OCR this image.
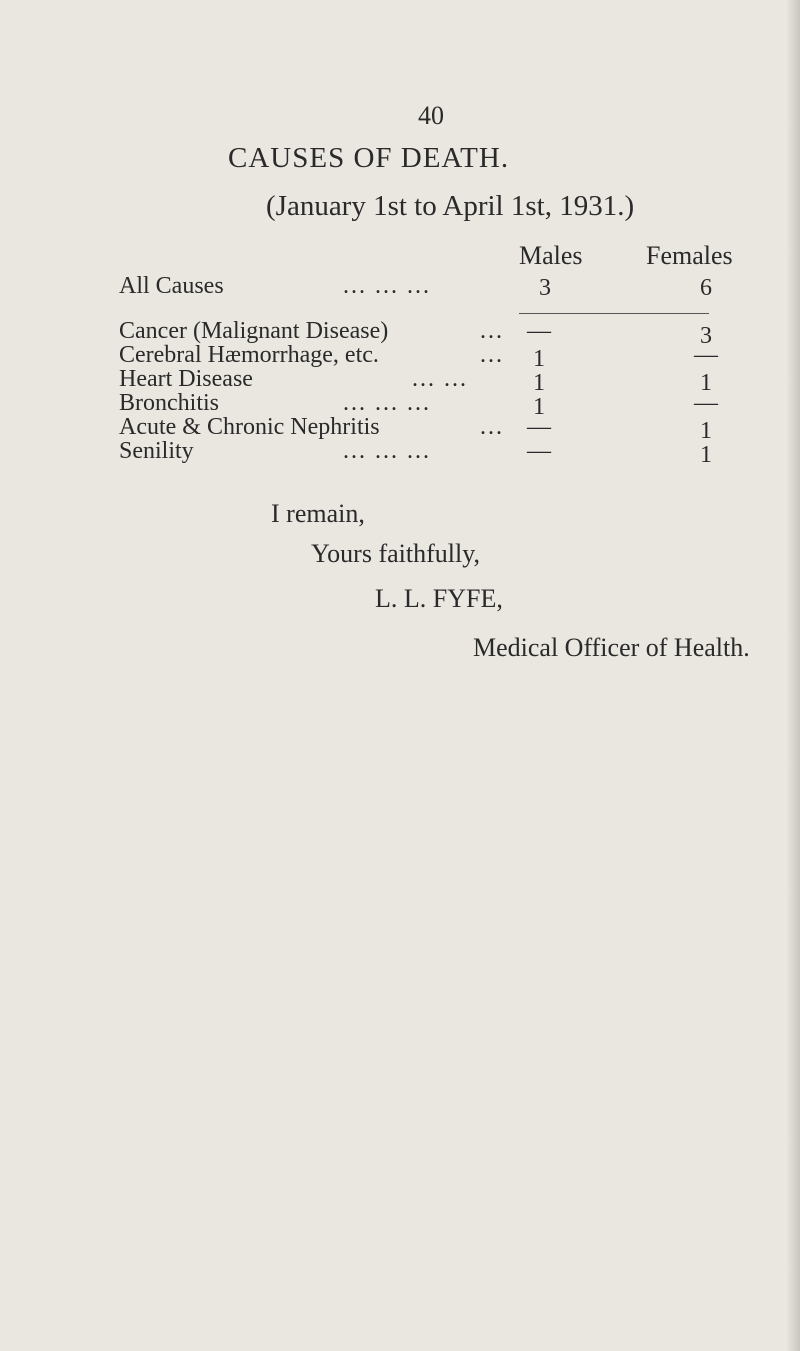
40
CAUSES OF DEATH.
(January 1st to April 1st, 1931.)
Males Females
All Causes	... ... ...	3	6
Cancer (Malignant Disease)	... —	3
Cerebral Hæmorrhage, etc.	...	1	—
Heart Disease	... ...	1	1
Bronchitis	... ... ...	1	—
Acute & Chronic Nephritis	... —	1
Senility	... ... ...	—	1
I remain,
Yours faithfully,
L. L. FYFE,
Medical Officer of Health.
